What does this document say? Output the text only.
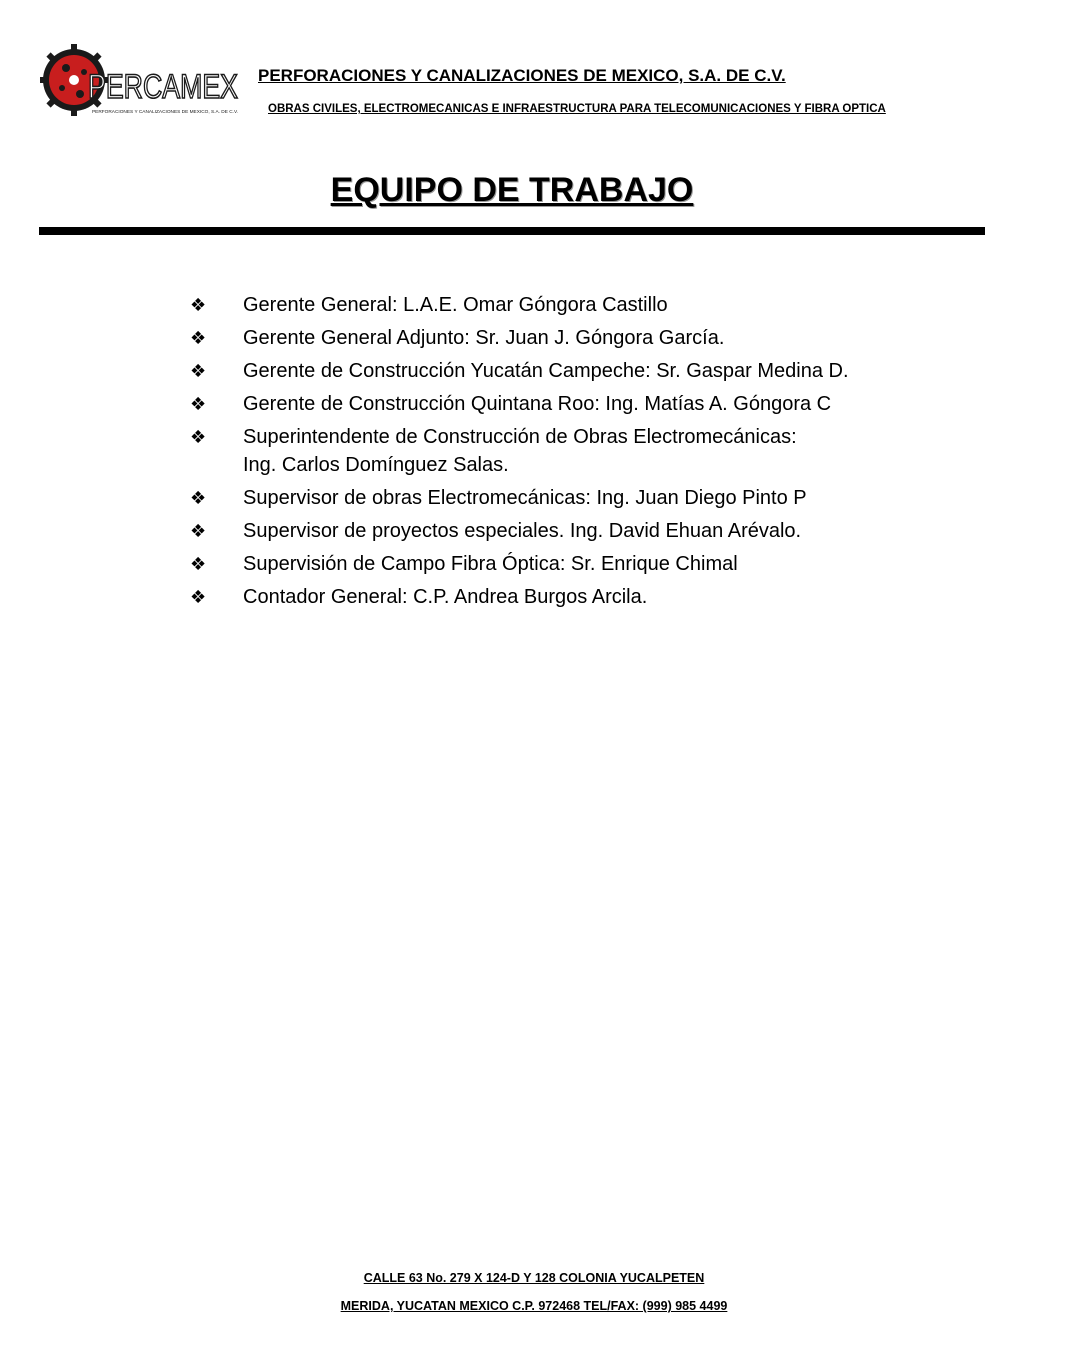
PERCAMEX
PERFORACIONES Y CANALIZACIONES DE MEXICO, S.A. DE C.V.
PERFORACIONES Y CANALIZACIONES DE MEXICO, S.A. DE C.V.
OBRAS CIVILES, ELECTROMECANICAS E INFRAESTRUCTURA PARA TELECOMUNICACIONES Y FIBRA OPTICA
EQUIPO DE TRABAJO
❖ Gerente General: L.A.E. Omar Góngora Castillo
❖ Gerente General Adjunto: Sr. Juan J. Góngora García.
❖ Gerente de Construcción Yucatán Campeche: Sr. Gaspar Medina D.
❖ Gerente de Construcción Quintana Roo: Ing. Matías A. Góngora C
❖ Superintendente de Construcción de Obras Electromecánicas:
Ing. Carlos Domínguez Salas.
❖ Supervisor de obras Electromecánicas: Ing. Juan Diego Pinto P
❖ Supervisor de proyectos especiales. Ing. David Ehuan Arévalo.
❖ Supervisión de Campo Fibra Óptica: Sr. Enrique Chimal
❖ Contador General: C.P. Andrea Burgos Arcila.
CALLE 63 No. 279 X 124-D Y 128 COLONIA YUCALPETEN
MERIDA, YUCATAN MEXICO C.P. 972468 TEL/FAX: (999) 985 4499
